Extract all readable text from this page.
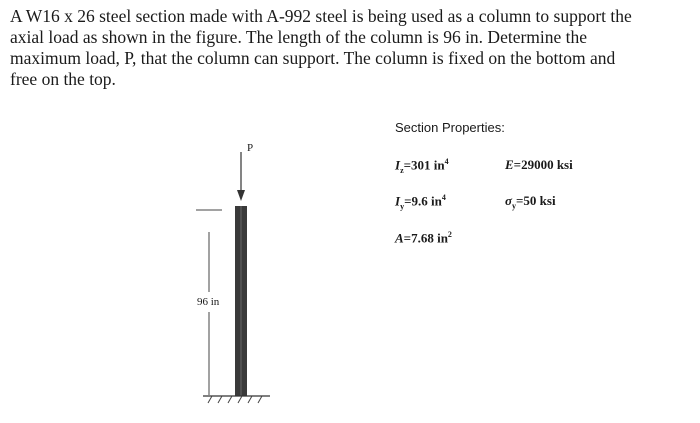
A W16 x 26 steel section made with A-992 steel is being used as a column to support the
axial load as shown in the figure. The length of the column is 96 in. Determine the
maximum load, P, that the column can support. The column is fixed on the bottom and
free on the top.
P
96 in
Section Properties:
$I_z=301$ $in^4$	E=29000 ksi
$I_y=9.6$ $in^4$	$\sigma_y=50$ ksi
A=7.68 $in^2$
